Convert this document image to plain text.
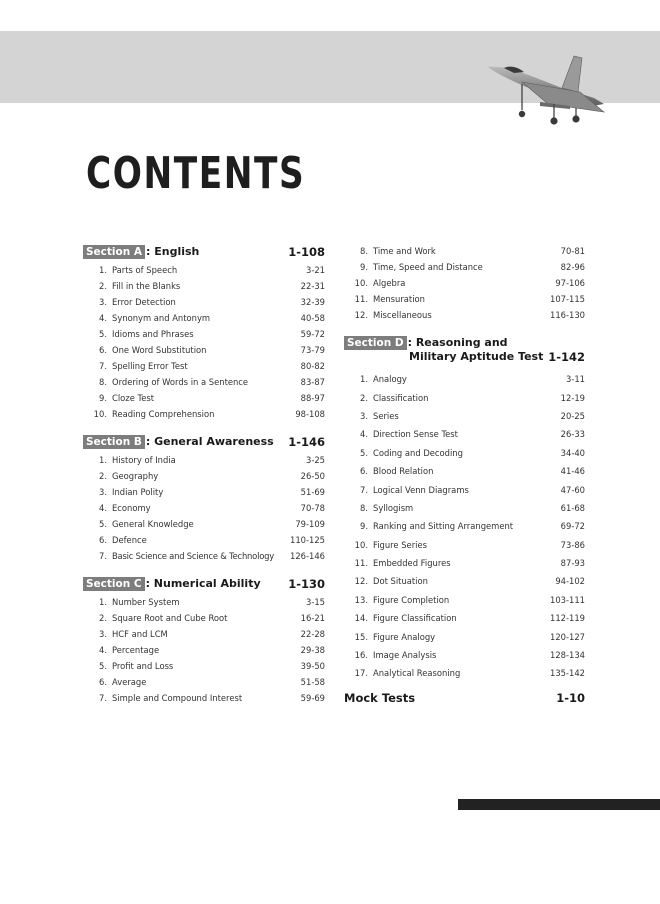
CONTENTS
Section A : English	1-108
1. Parts of Speech	3-21
2. Fill in the Blanks	22-31
3. Error Detection	32-39
4. Synonym and Antonym	40-58
5. Idioms and Phrases	59-72
6. One Word Substitution	73-79
7. Spelling Error Test	80-82
8. Ordering of Words in a Sentence	83-87
9. Cloze Test	88-97
10. Reading Comprehension	98-108
Section B : General Awareness 1-146
1. History of India	3-25
2. Geography	26-50
3. Indian Polity	51-69
4. Economy	70-78
5. General Knowledge	79-109
6. Defence	110-125
7. Basic Science and Science & Technology	126-146
Section C : Numerical Ability 1-130
1. Number System	3-15
2. Square Root and Cube Root	16-21
3. HCF and LCM	22-28
4. Percentage	29-38
5. Profit and Loss	39-50
6. Average	51-58
7. Simple and Compound Interest	59-69
8. Time and Work	70-81
9. Time, Speed and Distance	82-96
10. Algebra	97-106
11. Mensuration	107-115
12. Miscellaneous	116-130
Section D : Reasoning and
Military Aptitude Test 1-142
1. Analogy	3-11
2. Classification	12-19
3. Series	20-25
4. Direction Sense Test	26-33
5. Coding and Decoding	34-40
6. Blood Relation	41-46
7. Logical Venn Diagrams	47-60
8. Syllogism	61-68
9. Ranking and Sitting Arrangement	69-72
10. Figure Series	73-86
11. Embedded Figures	87-93
12. Dot Situation	94-102
13. Figure Completion	103-111
14. Figure Classification	112-119
15. Figure Analogy	120-127
16. Image Analysis	128-134
17. Analytical Reasoning	135-142
Mock Tests	1-10
